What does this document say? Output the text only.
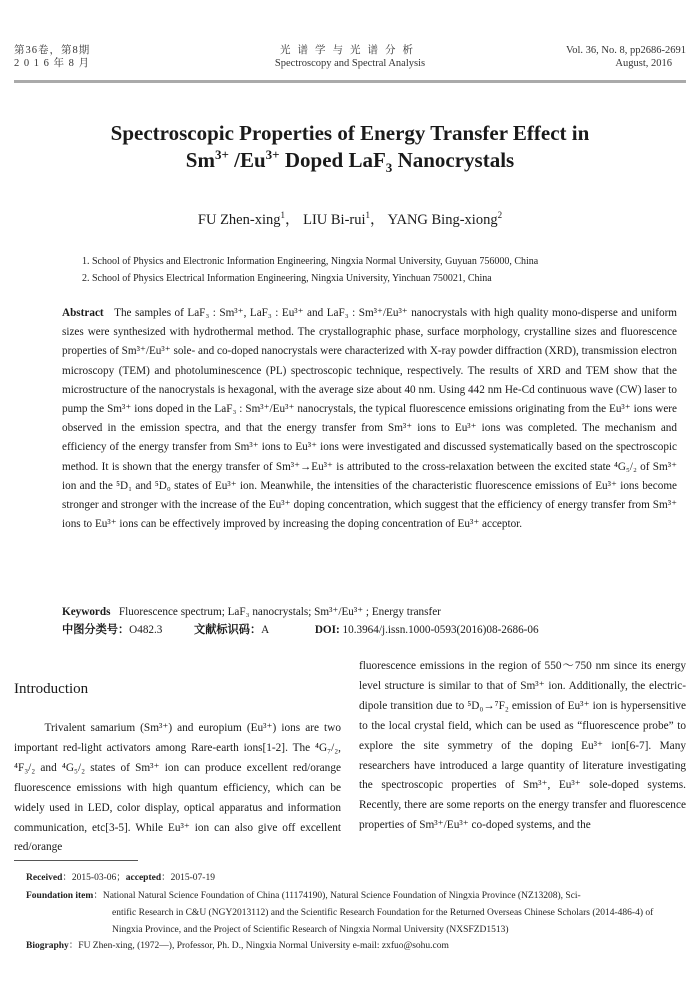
第36卷，第8期
2 0 1 6 年 8 月
光谱学与光谱分析
Spectroscopy and Spectral Analysis
Vol. 36, No. 8, pp2686-2691
August, 2016
Spectroscopic Properties of Energy Transfer Effect in
$Sm^{3+}$ $/Eu^{3+}$ Doped LaF$_3$ Nanocrystals
FU Zhen-xing$^1$， LIU Bi-rui$^1$， YANG Bing-xiong$^2$
1. School of Physics and Electronic Information Engineering, Ningxia Normal University, Guyuan 756000, China
2. School of Physics Electrical Information Engineering, Ningxia University, Yinchuan 750021, China
Abstract The samples of LaF₃ : Sm³⁺, LaF₃ : Eu³⁺ and LaF₃ : Sm³⁺/Eu³⁺ nanocrystals with high quality mono-disperse and uniform sizes were synthesized with hydrothermal method. The crystallographic phase, surface morphology, crystalline sizes and fluorescence properties of Sm³⁺/Eu³⁺ sole- and co-doped nanocrystals were characterized with X-ray powder diffraction (XRD), transmission electron microscopy (TEM) and photoluminescence (PL) spectroscopic technique, respectively. The results of XRD and TEM show that the microstructure of the nanocrystals is hexagonal, with the average size about 40 nm. Using 442 nm He-Cd continuous wave (CW) laser to pump the Sm³⁺ ions doped in the LaF₃ : Sm³⁺/Eu³⁺ nanocrystals, the typical fluorescence emissions originating from the Eu³⁺ ions were observed in the emission spectra, and that the energy transfer from Sm³⁺ ions to Eu³⁺ ions was completed. The mechanism and efficiency of the energy transfer from Sm³⁺ ions to Eu³⁺ ions were investigated and discussed systematically based on the spectroscopic method. It is shown that the energy transfer of Sm³⁺→Eu³⁺ is attributed to the cross-relaxation between the excited state ⁴G₅/₂ of Sm³⁺ ion and the ⁵D₁ and ⁵D₀ states of Eu³⁺ ion. Meanwhile, the intensities of the characteristic fluorescence emissions of Eu³⁺ ions become stronger and stronger with the increase of the Eu³⁺ doping concentration, which suggest that the efficiency of energy transfer from Sm³⁺ ions to Eu³⁺ ions can be effectively improved by increasing the doping concentration of Eu³⁺ acceptor.
Keywords Fluorescence spectrum; LaF₃ nanocrystals; Sm³⁺/Eu³⁺ ; Energy transfer
中图分类号：O482.3	文献标识码：A	DOI: 10.3964/j.issn.1000-0593(2016)08-2686-06
Introduction

Trivalent samarium (Sm³⁺) and europium (Eu³⁺) ions are two important red-light activators among Rare-earth ions[1-2]. The ⁴G₇/₂, ⁴F₃/₂ and ⁴G₅/₂ states of Sm³⁺ ion can produce excellent red/orange fluorescence emissions with high quantum efficiency, which can be widely used in LED, color display, optical apparatus and information communication, etc[3-5]. While Eu³⁺ ion can also give off excellent red/orange

fluorescence emissions in the region of 550～750 nm since its energy level structure is similar to that of Sm³⁺ ion. Additionally, the electric-dipole transition due to ⁵D₀→⁷F₂ emission of Eu³⁺ ion is hypersensitive to the local crystal field, which can be used as “fluorescence probe” to explore the site symmetry of the doping Eu³⁺ ion[6-7]. Many researchers have introduced a large quantity of literature investigating the spectroscopic properties of Sm³⁺, Eu³⁺ sole-doped systems. Recently, there are some reports on the energy transfer and fluorescence properties of Sm³⁺/Eu³⁺ co-doped systems, and the

Received：2015-03-06；accepted：2015-07-19
Foundation item：National Natural Science Foundation of China (11174190), Natural Science Foundation of Ningxia Province (NZ13208), Sci-
entific Research in C&U (NGY2013112) and the Scientific Research Foundation for the Returned Overseas Chinese Scholars (2014-486-4) of Ningxia Province, and the Project of Scientific Research of Ningxia Normal University (NXSFZD1513)
Biography：FU Zhen-xing, (1972—), Professor, Ph. D., Ningxia Normal University e-mail: zxfuo@sohu.com
